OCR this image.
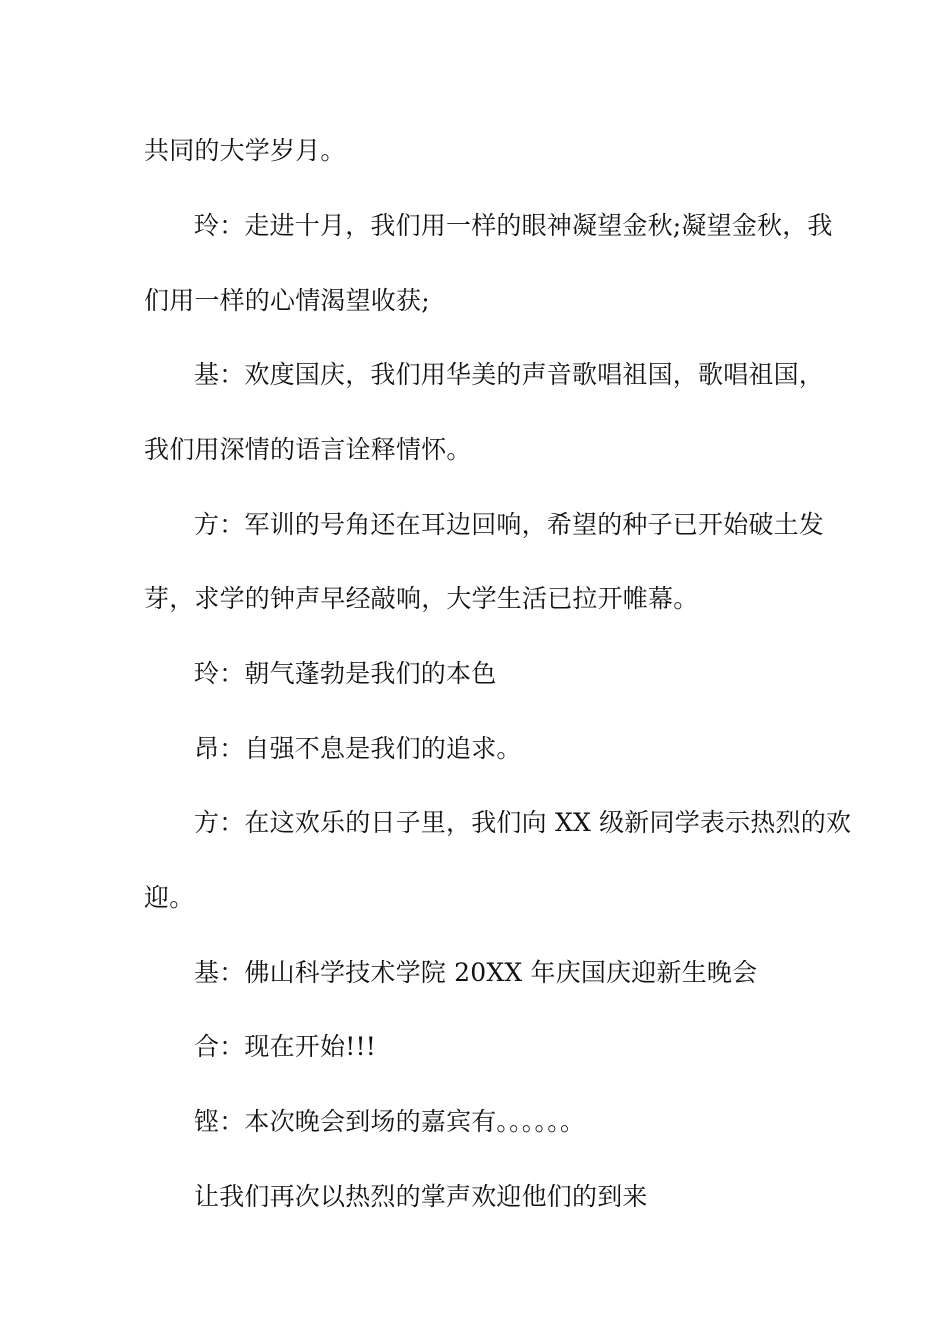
共同的大学岁月。
玲：走进十月，我们用一样的眼神凝望金秋;凝望金秋，我
们用一样的心情渴望收获;
基：欢度国庆，我们用华美的声音歌唱祖国，歌唱祖国，
我们用深情的语言诠释情怀。
方：军训的号角还在耳边回响，希望的种子已开始破土发
芽，求学的钟声早经敲响，大学生活已拉开帷幕。
玲：朝气蓬勃是我们的本色
昂：自强不息是我们的追求。
方：在这欢乐的日子里，我们向 XX 级新同学表示热烈的欢
迎。
基：佛山科学技术学院 20XX 年庆国庆迎新生晚会
合：现在开始!!!
铿：本次晚会到场的嘉宾有。。。。。。
让我们再次以热烈的掌声欢迎他们的到来
